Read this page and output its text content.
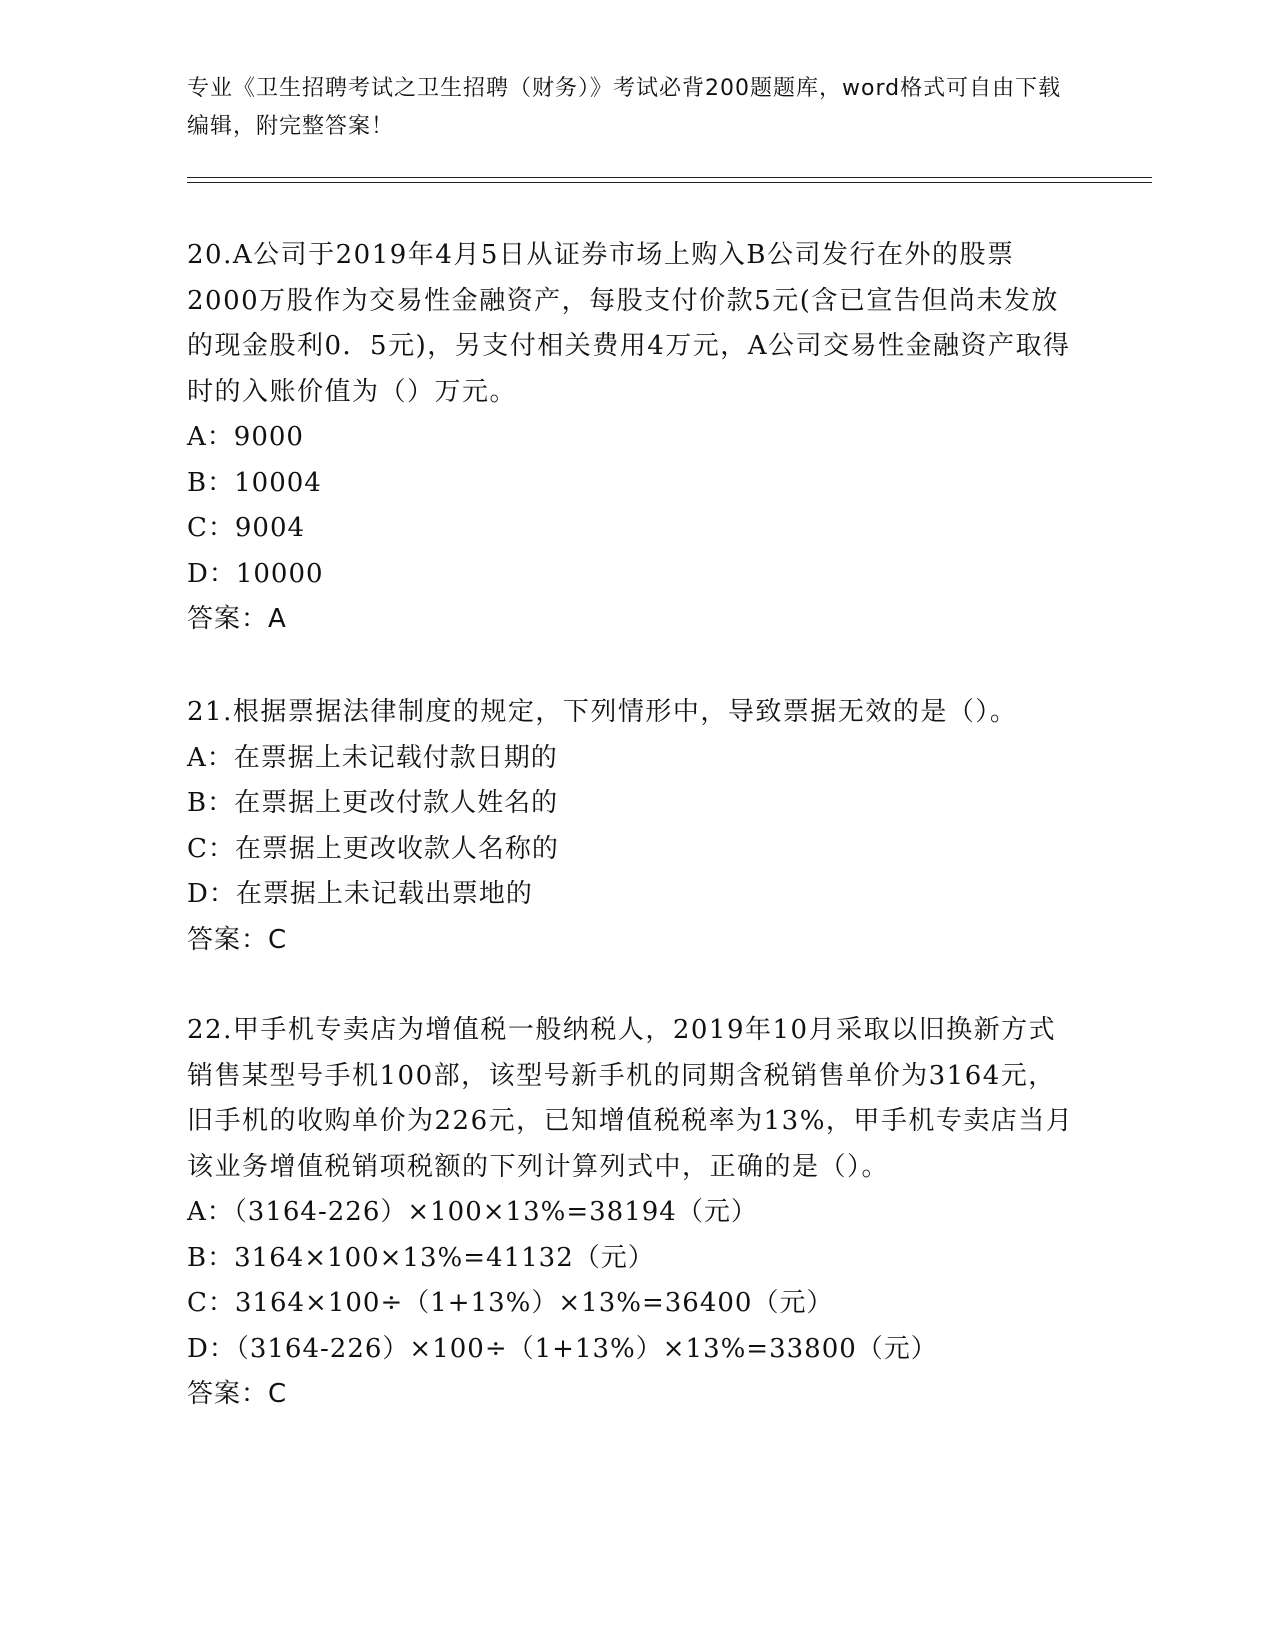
专业《卫生招聘考试之卫生招聘（财务）》考试必背200题题库，word格式可自由下载编辑，附完整答案！

20.A公司于2019年4月5日从证券市场上购入B公司发行在外的股票2000万股作为交易性金融资产，每股支付价款5元(含已宣告但尚未发放的现金股利0．5元)，另支付相关费用4万元，A公司交易性金融资产取得时的入账价值为（）万元。

A：9000

B：10004

C：9004

D：10000

答案：A

21.根据票据法律制度的规定，下列情形中，导致票据无效的是（）。

A：在票据上未记载付款日期的

B：在票据上更改付款人姓名的

C：在票据上更改收款人名称的

D：在票据上未记载出票地的

答案：C

22.甲手机专卖店为增值税一般纳税人，2019年10月采取以旧换新方式销售某型号手机100部，该型号新手机的同期含税销售单价为3164元，旧手机的收购单价为226元，已知增值税税率为13%，甲手机专卖店当月该业务增值税销项税额的下列计算列式中，正确的是（）。

A：（3164-226）×100×13%=38194（元）

B：3164×100×13%=41132（元）

C：3164×100÷（1+13%）×13%=36400（元）

D：（3164-226）×100÷（1+13%）×13%=33800（元）

答案：C
